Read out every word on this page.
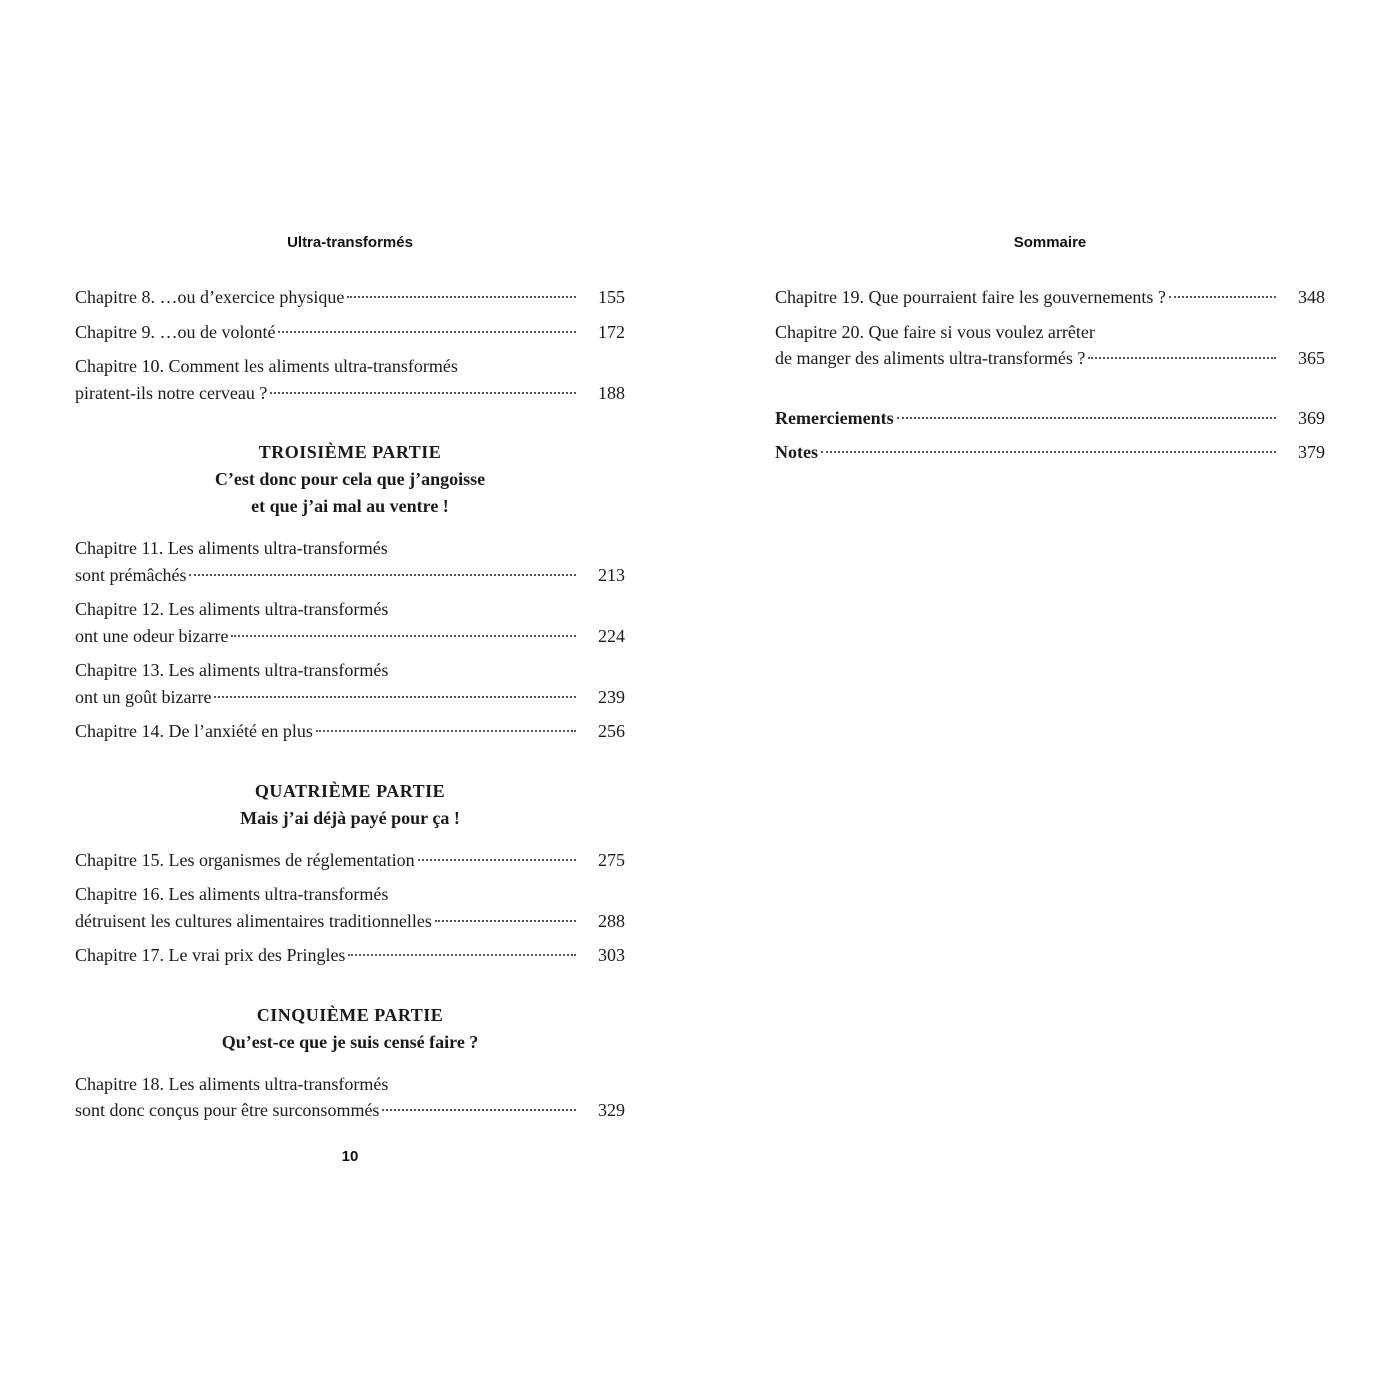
Ultra-transformés
Chapitre 8. …ou d’exercice physique	155
Chapitre 9. …ou de volonté	172
Chapitre 10. Comment les aliments ultra-transformés
piratent-ils notre cerveau ?	188
TROISIÈME PARTIE
C’est donc pour cela que j’angoisse
et que j’ai mal au ventre !
Chapitre 11. Les aliments ultra-transformés
sont prémâchés	213
Chapitre 12. Les aliments ultra-transformés
ont une odeur bizarre	224
Chapitre 13. Les aliments ultra-transformés
ont un goût bizarre	239
Chapitre 14. De l’anxiété en plus	256
QUATRIÈME PARTIE
Mais j’ai déjà payé pour ça !
Chapitre 15. Les organismes de réglementation	275
Chapitre 16. Les aliments ultra-transformés
détruisent les cultures alimentaires traditionnelles	288
Chapitre 17. Le vrai prix des Pringles	303
CINQUIÈME PARTIE
Qu’est-ce que je suis censé faire ?
Chapitre 18. Les aliments ultra-transformés
sont donc conçus pour être surconsommés	329
10
Sommaire
Chapitre 19. Que pourraient faire les gouvernements ?	348
Chapitre 20. Que faire si vous voulez arrêter
de manger des aliments ultra-transformés ?	365
Remerciements	369
Notes	379
